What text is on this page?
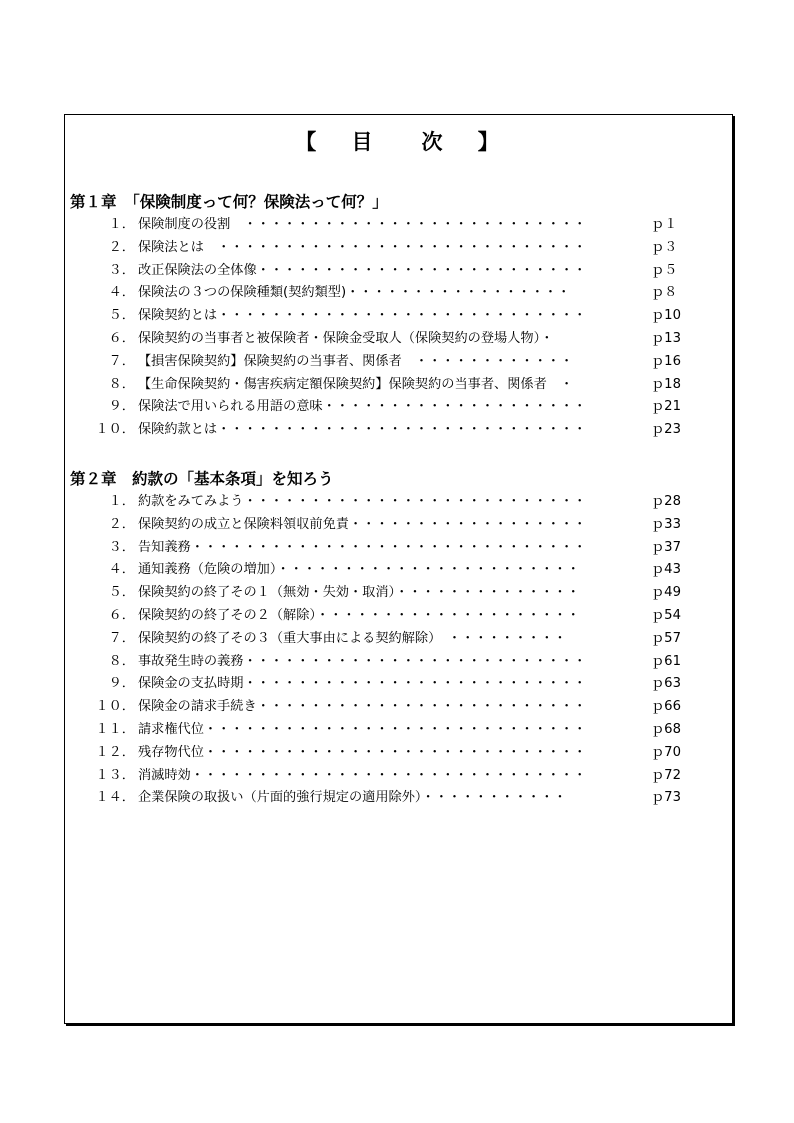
【 目　次 】
第１章　「保険制度って何？保険法って何？」
１． 保険制度の役割　・・・・・・・・・・・・・・・・・・・・・・・・・・	ｐ１
２． 保険法とは　・・・・・・・・・・・・・・・・・・・・・・・・・・・・	ｐ３
３． 改正保険法の全体像・・・・・・・・・・・・・・・・・・・・・・・・・	ｐ５
４． 保険法の３つの保険種類(契約類型)・・・・・・・・・・・・・・・・・	ｐ８
５． 保険契約とは・・・・・・・・・・・・・・・・・・・・・・・・・・・・	ｐ10
６． 保険契約の当事者と被保険者・保険金受取人（保険契約の登場人物）・	ｐ13
７． 【損害保険契約】保険契約の当事者、関係者　・・・・・・・・・・・・	ｐ16
８． 【生命保険契約・傷害疾病定額保険契約】保険契約の当事者、関係者　・	ｐ18
９． 保険法で用いられる用語の意味・・・・・・・・・・・・・・・・・・・・	ｐ21
１０． 保険約款とは・・・・・・・・・・・・・・・・・・・・・・・・・・・・	ｐ23
第２章　約款の「基本条項」を知ろう
１． 約款をみてみよう・・・・・・・・・・・・・・・・・・・・・・・・・・	ｐ28
２． 保険契約の成立と保険料領収前免責・・・・・・・・・・・・・・・・・・	ｐ33
３． 告知義務・・・・・・・・・・・・・・・・・・・・・・・・・・・・・・	ｐ37
４． 通知義務（危険の増加）・・・・・・・・・・・・・・・・・・・・・・・	ｐ43
５． 保険契約の終了その１（無効・失効・取消）・・・・・・・・・・・・・・	ｐ49
６． 保険契約の終了その２（解除）・・・・・・・・・・・・・・・・・・・・	ｐ54
７． 保険契約の終了その３（重大事由による契約解除）　・・・・・・・・・	ｐ57
８． 事故発生時の義務・・・・・・・・・・・・・・・・・・・・・・・・・・	ｐ61
９． 保険金の支払時期・・・・・・・・・・・・・・・・・・・・・・・・・・	ｐ63
１０． 保険金の請求手続き・・・・・・・・・・・・・・・・・・・・・・・・・	ｐ66
１１． 請求権代位・・・・・・・・・・・・・・・・・・・・・・・・・・・・・	ｐ68
１２． 残存物代位・・・・・・・・・・・・・・・・・・・・・・・・・・・・・	ｐ70
１３． 消滅時効・・・・・・・・・・・・・・・・・・・・・・・・・・・・・・	ｐ72
１４． 企業保険の取扱い（片面的強行規定の適用除外）・・・・・・・・・・・	ｐ73
